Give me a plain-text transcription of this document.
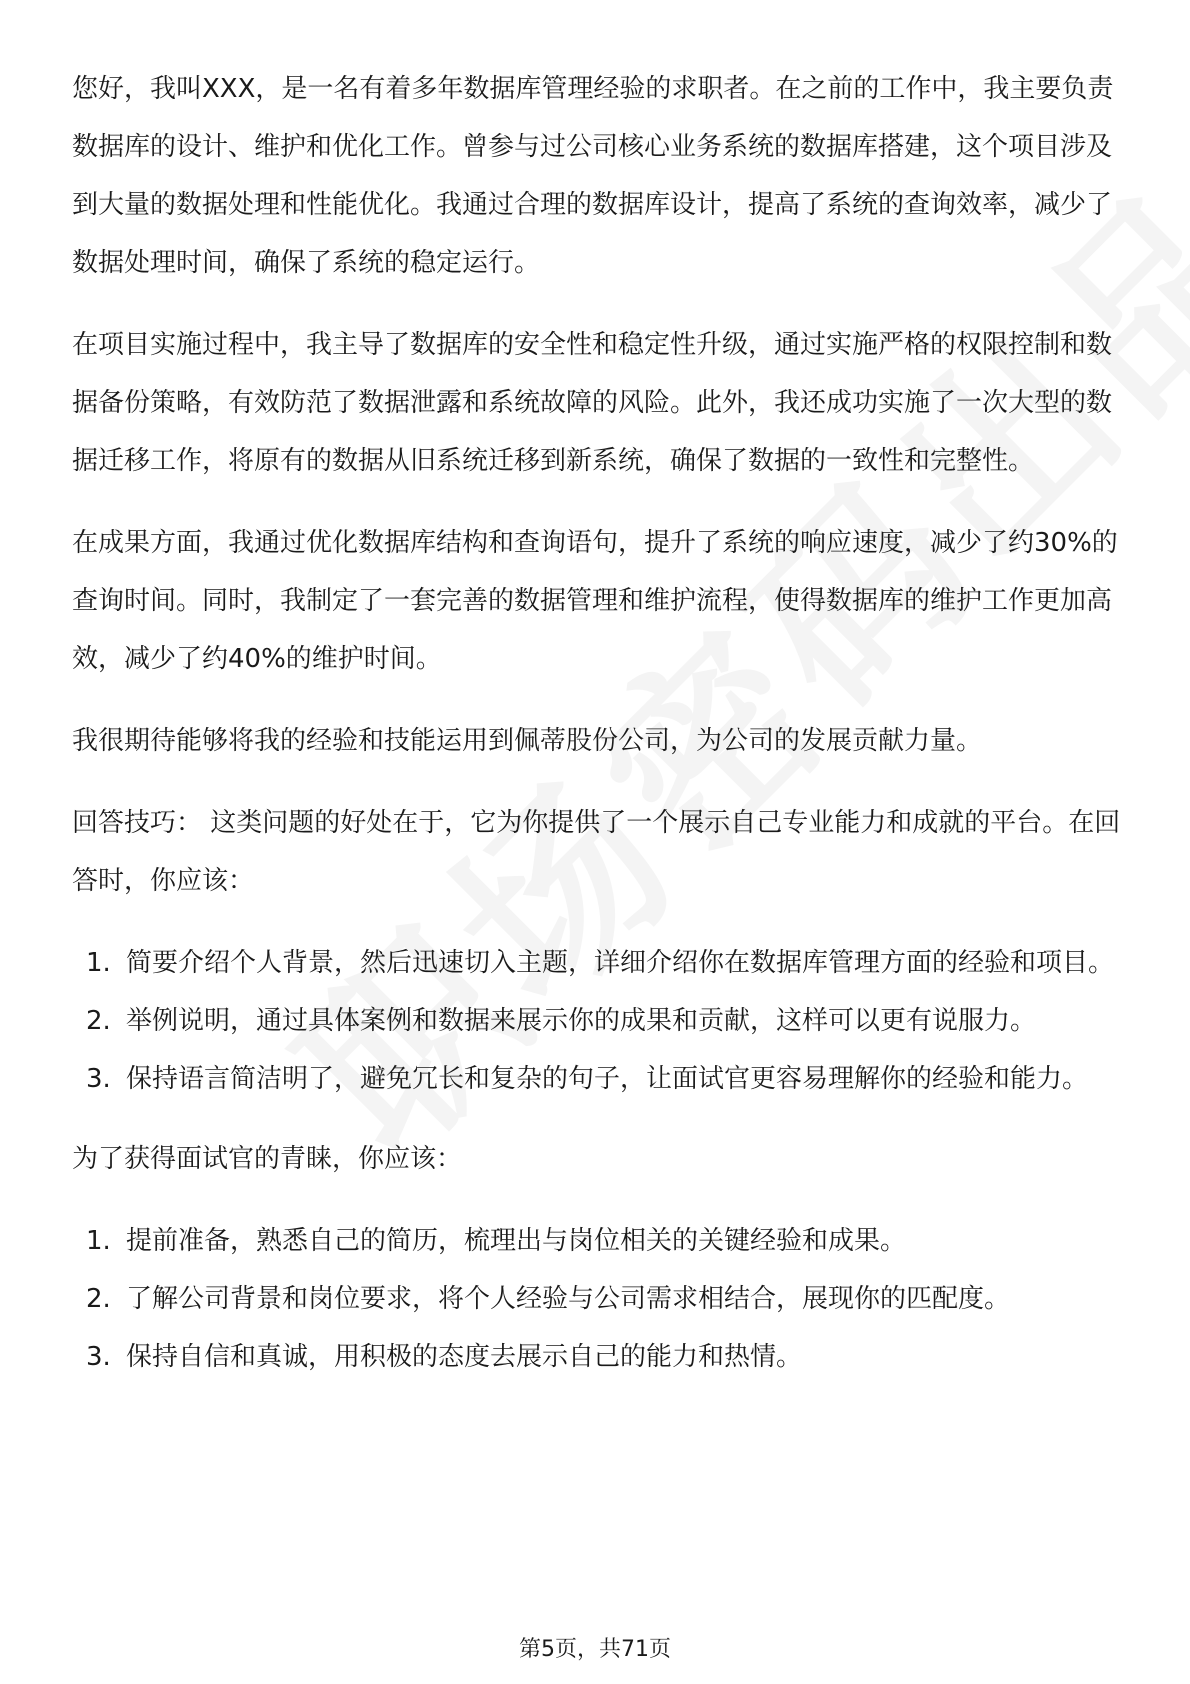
您好，我叫XXX，是一名有着多年数据库管理经验的求职者。在之前的工作中，我主要负责数据库的设计、维护和优化工作。曾参与过公司核心业务系统的数据库搭建，这个项目涉及到大量的数据处理和性能优化。我通过合理的数据库设计，提高了系统的查询效率，减少了数据处理时间，确保了系统的稳定运行。

在项目实施过程中，我主导了数据库的安全性和稳定性升级，通过实施严格的权限控制和数据备份策略，有效防范了数据泄露和系统故障的风险。此外，我还成功实施了一次大型的数据迁移工作，将原有的数据从旧系统迁移到新系统，确保了数据的一致性和完整性。

在成果方面，我通过优化数据库结构和查询语句，提升了系统的响应速度，减少了约30%的查询时间。同时，我制定了一套完善的数据管理和维护流程，使得数据库的维护工作更加高效，减少了约40%的维护时间。

我很期待能够将我的经验和技能运用到佩蒂股份公司，为公司的发展贡献力量。

回答技巧： 这类问题的好处在于，它为你提供了一个展示自己专业能力和成就的平台。在回答时，你应该：

1. 简要介绍个人背景，然后迅速切入主题，详细介绍你在数据库管理方面的经验和项目。
2. 举例说明，通过具体案例和数据来展示你的成果和贡献，这样可以更有说服力。
3. 保持语言简洁明了，避免冗长和复杂的句子，让面试官更容易理解你的经验和能力。

为了获得面试官的青睐，你应该：

1. 提前准备，熟悉自己的简历，梳理出与岗位相关的关键经验和成果。
2. 了解公司背景和岗位要求，将个人经验与公司需求相结合，展现你的匹配度。
3. 保持自信和真诚，用积极的态度去展示自己的能力和热情。
第5页，共71页
